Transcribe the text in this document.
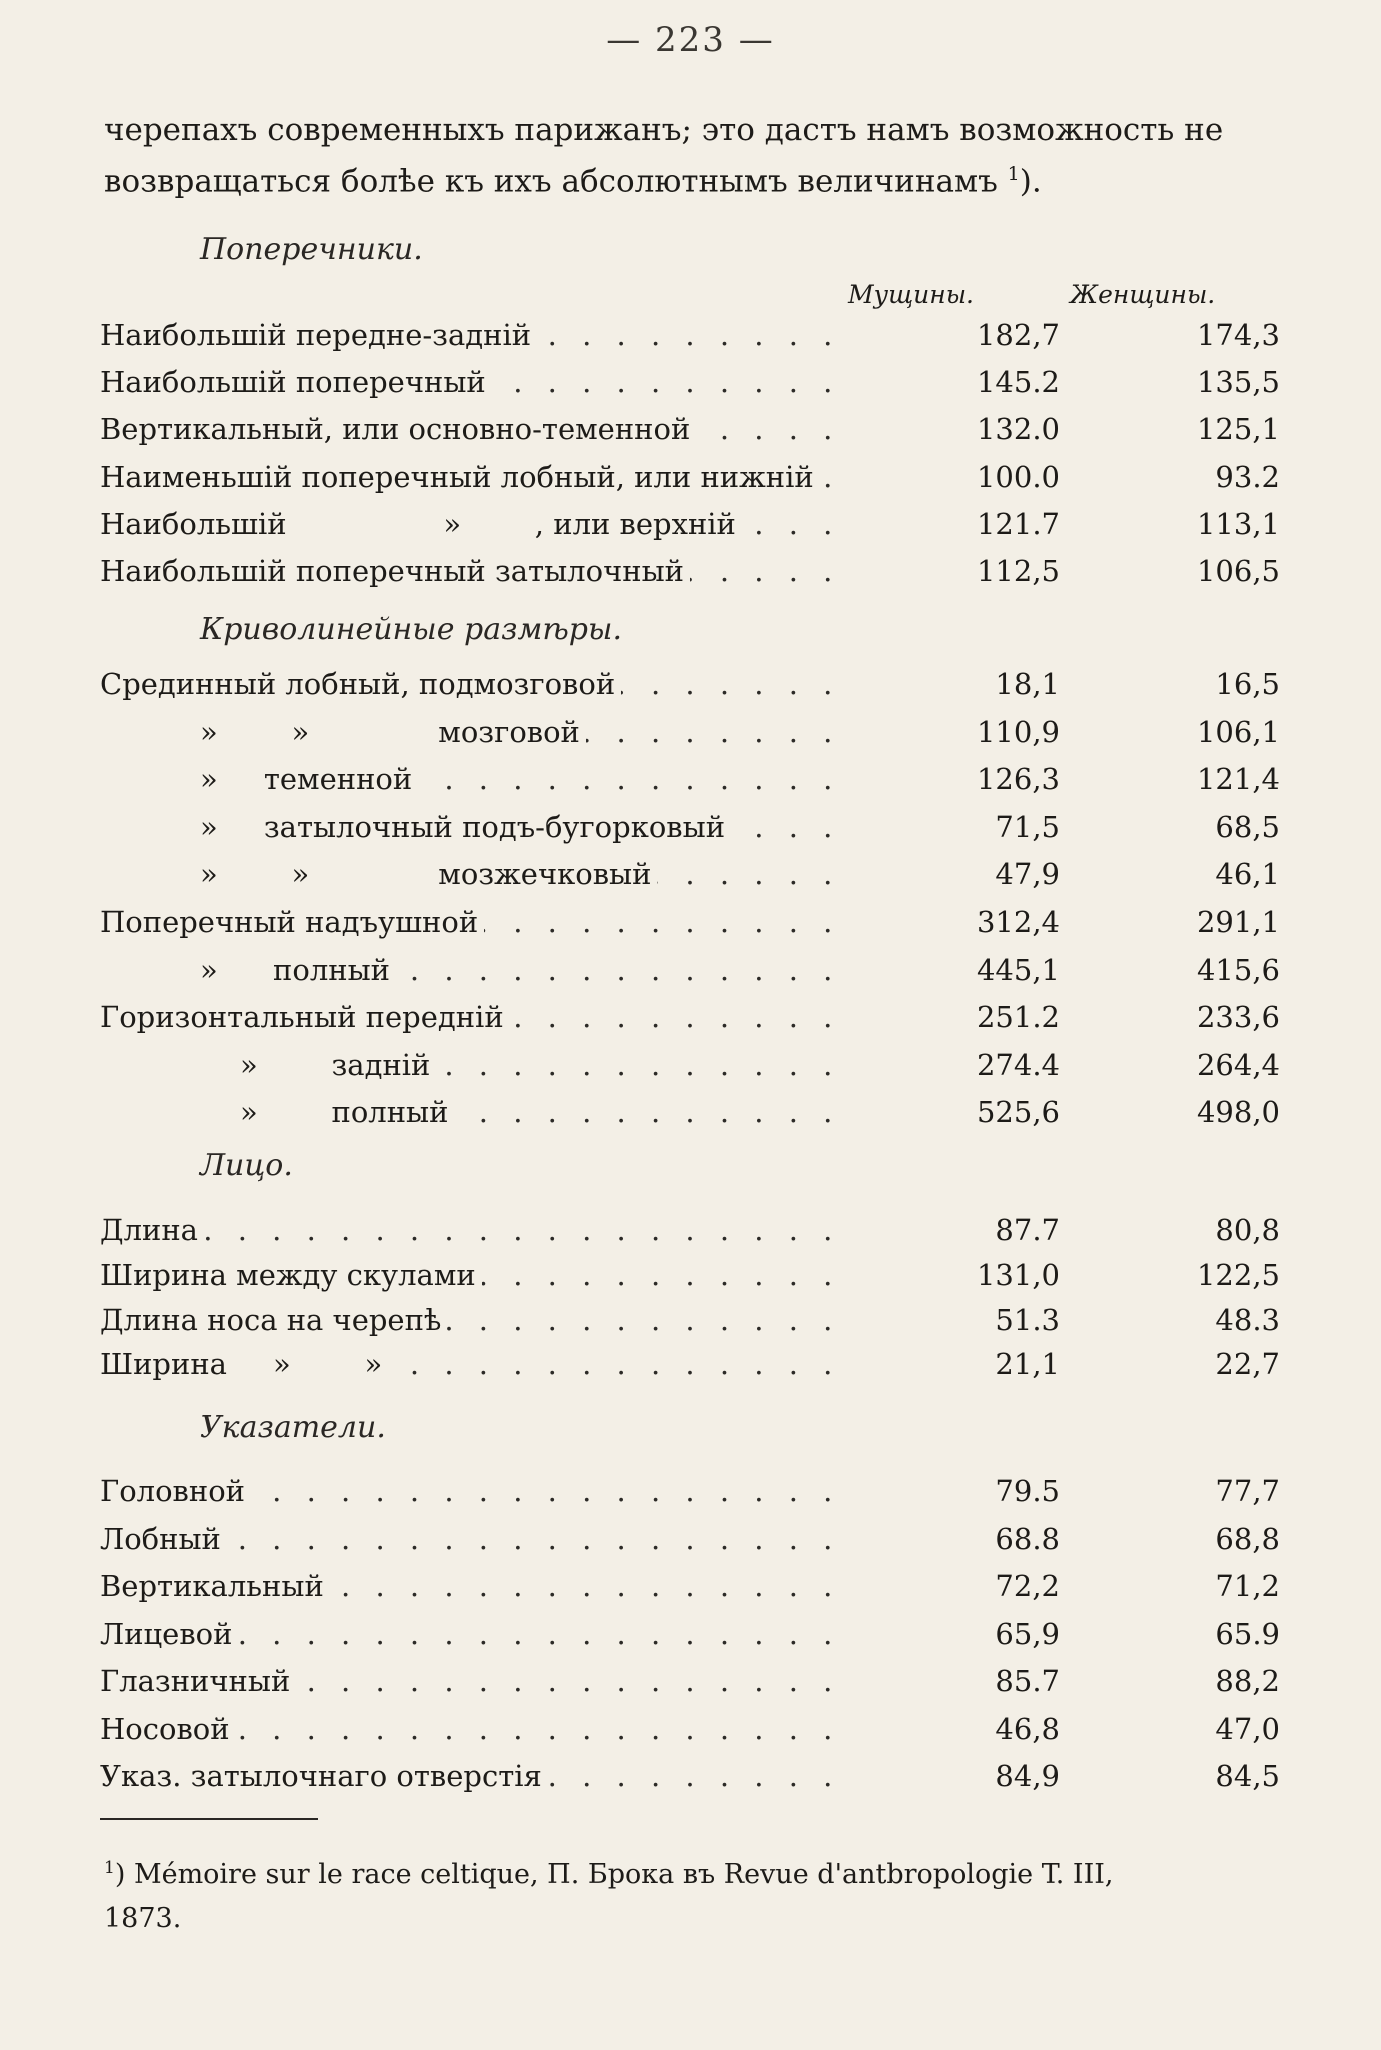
— 223 —
черепахъ современныхъ парижанъ; это дастъ намъ возможность не
возвращаться болѣе къ ихъ абсолютнымъ величинамъ $^1$).
Мущины.	Женщины.
Поперечники.
Наибольшій передне-задній . . .	182,7	174,3
Наибольшій поперечный . . .	145.2	135,5
Вертикальный, или основно-теменной . . .	132.0	125,1
Наименьшій поперечный лобный, или нижній . . .	100.0	93.2
Наибольшій                 »        , или верхній . . .	121.7	113,1
Наибольшій поперечный затылочный . . .	112,5	106,5
Криволинейные размѣры.
Срединный лобный, подмозговой . . .	18,1	16,5
»        »              мозговой . . .	110,9	106,1
»     теменной . . .	126,3	121,4
»     затылочный подъ-бугорковый . . .	71,5	68,5
»        »              мозжечковый . . .	47,9	46,1
Поперечный надъушной . . .	312,4	291,1
»      полный . . .	445,1	415,6
Горизонтальный передній . . .	251.2	233,6
»        задній . . .	274.4	264,4
»        полный . . .	525,6	498,0
Лицо.
Длина . . .	87.7	80,8
Ширина между скулами . . .	131,0	122,5
Длина носа на черепѣ . . .	51.3	48.3
Ширина     »        » . . .	21,1	22,7
Указатели.
Головной . . .	79.5	77,7
Лобный . . .	68.8	68,8
Вертикальный . . .	72,2	71,2
Лицевой . . .	65,9	65.9
Глазничный . . .	85.7	88,2
Носовой . . .	46,8	47,0
Указ. затылочнаго отверстія . . .	84,9	84,5
$^1$) Mémoire sur le race celtique, П. Брока въ Revue d'antbropologie T. III,
1873.
